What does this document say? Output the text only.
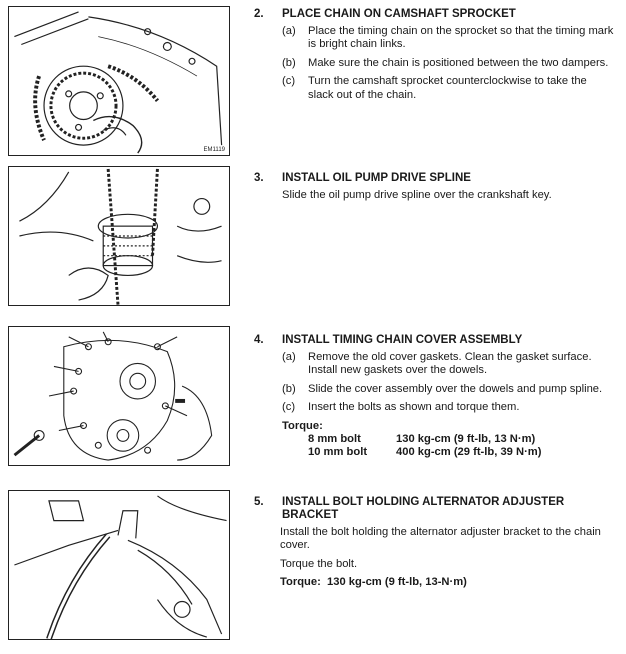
EM1119
2. PLACE CHAIN ON CAMSHAFT SPROCKET
(a) Place the timing chain on the sprocket so that the timing mark is bright chain links.
(b) Make sure the chain is positioned between the two dampers.
(c) Turn the camshaft sprocket counterclockwise to take the slack out of the chain.
3. INSTALL OIL PUMP DRIVE SPLINE
Slide the oil pump drive spline over the crankshaft key.
4. INSTALL TIMING CHAIN COVER ASSEMBLY
(a) Remove the old cover gaskets. Clean the gasket surface. Install new gaskets over the dowels.
(b) Slide the cover assembly over the dowels and pump spline.
(c) Insert the bolts as shown and torque them.
Torque:
8 mm bolt	130 kg-cm (9 ft-lb, 13 N·m)
10 mm bolt	400 kg-cm (29 ft-lb, 39 N·m)
5. INSTALL BOLT HOLDING ALTERNATOR ADJUSTER BRACKET
Install the bolt holding the alternator adjuster bracket to the chain cover.
Torque the bolt.
Torque: 130 kg-cm (9 ft-lb, 13-N·m)
